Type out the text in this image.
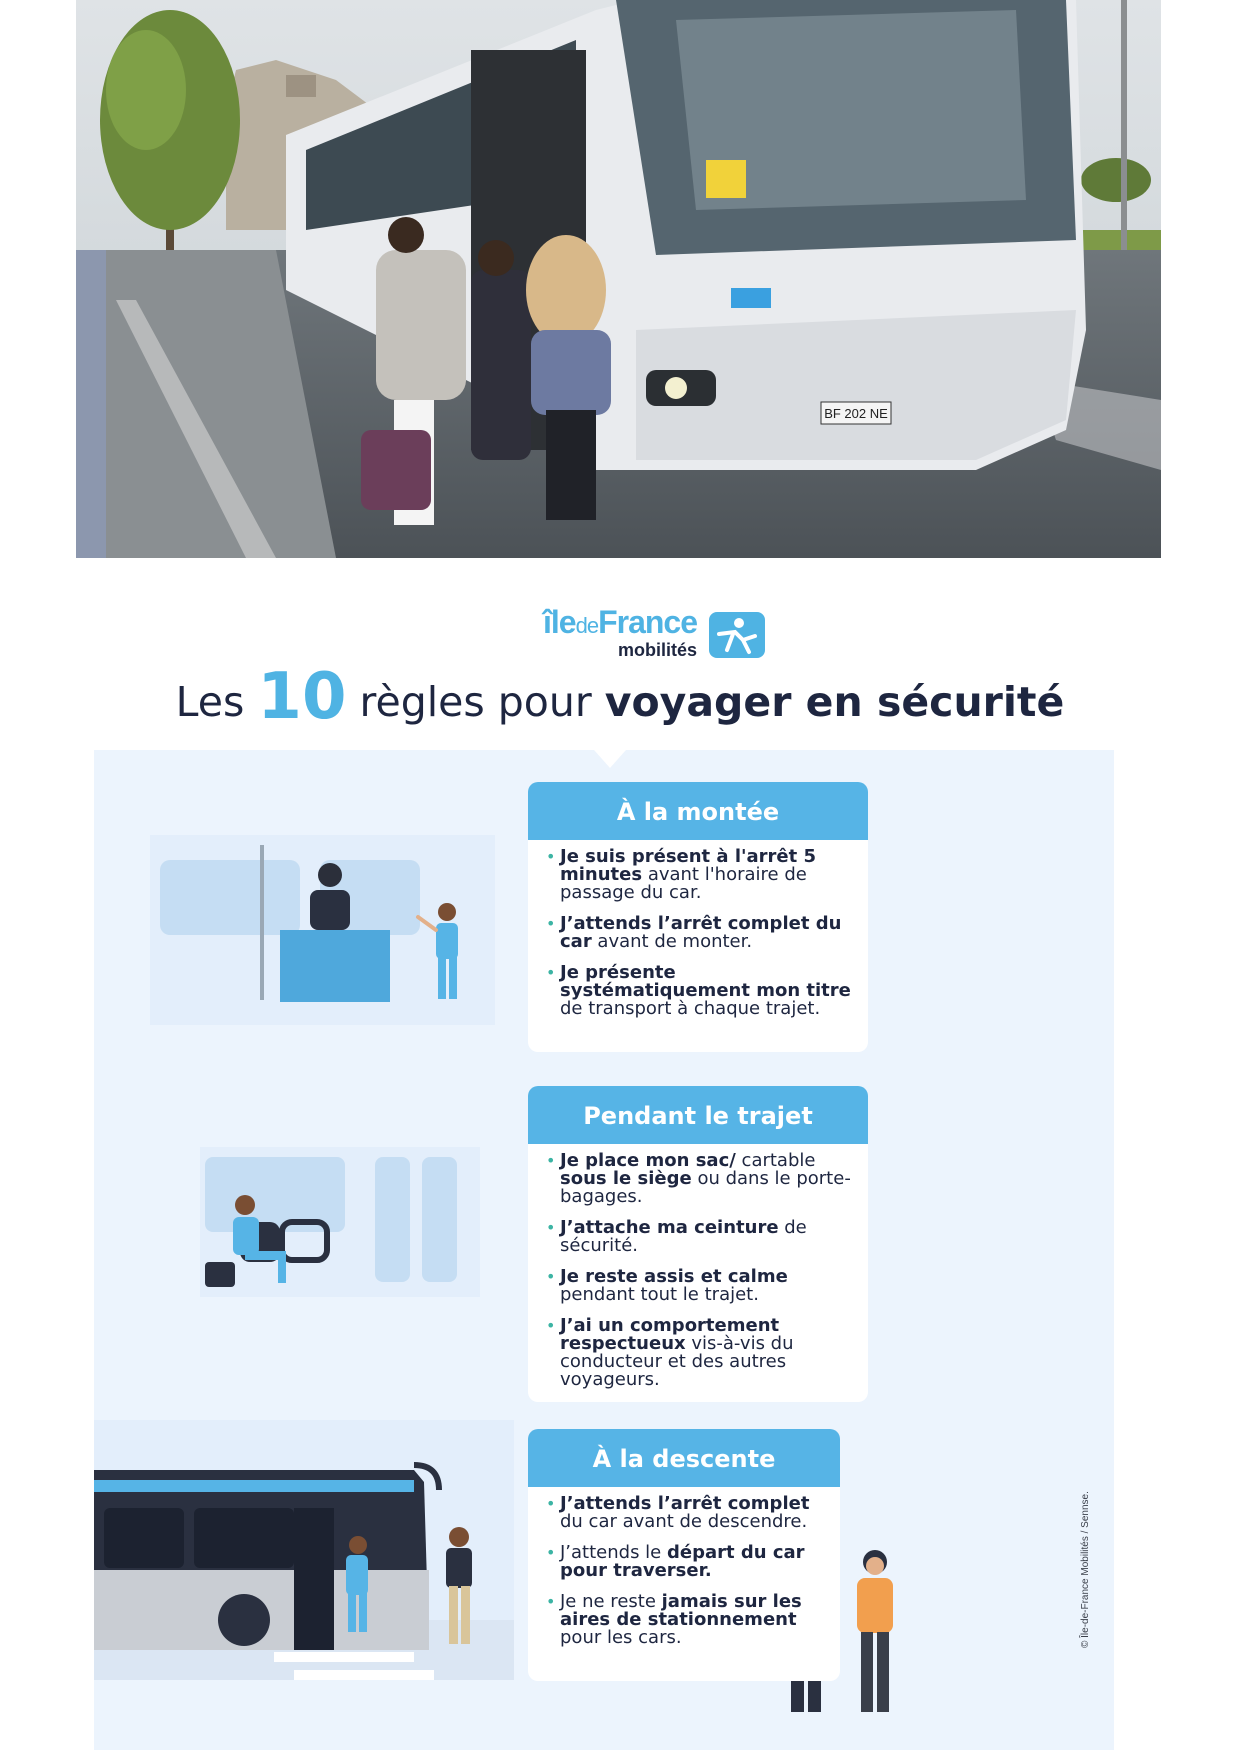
BF 202 NE
îledeFrance
mobilités
Les 10 règles pour voyager en sécurité
À la montée
• Je suis présent à l'arrêt 5 minutes avant l'horaire de passage du car.
• J’attends l’arrêt complet du car avant de monter.
• Je présente systématiquement mon titre de transport à chaque trajet.
Pendant le trajet
• Je place mon sac/ cartable sous le siège ou dans le porte-bagages.
• J’attache ma ceinture de sécurité.
• Je reste assis et calme pendant tout le trajet.
• J’ai un comportement respectueux vis-à-vis du conducteur et des autres voyageurs.
À la descente
• J’attends l’arrêt complet du car avant de descendre.
• J’attends le départ du car pour traverser.
• Je ne reste jamais sur les aires de stationnement pour les cars.	© Île-de-France Mobilités / Sennse.
